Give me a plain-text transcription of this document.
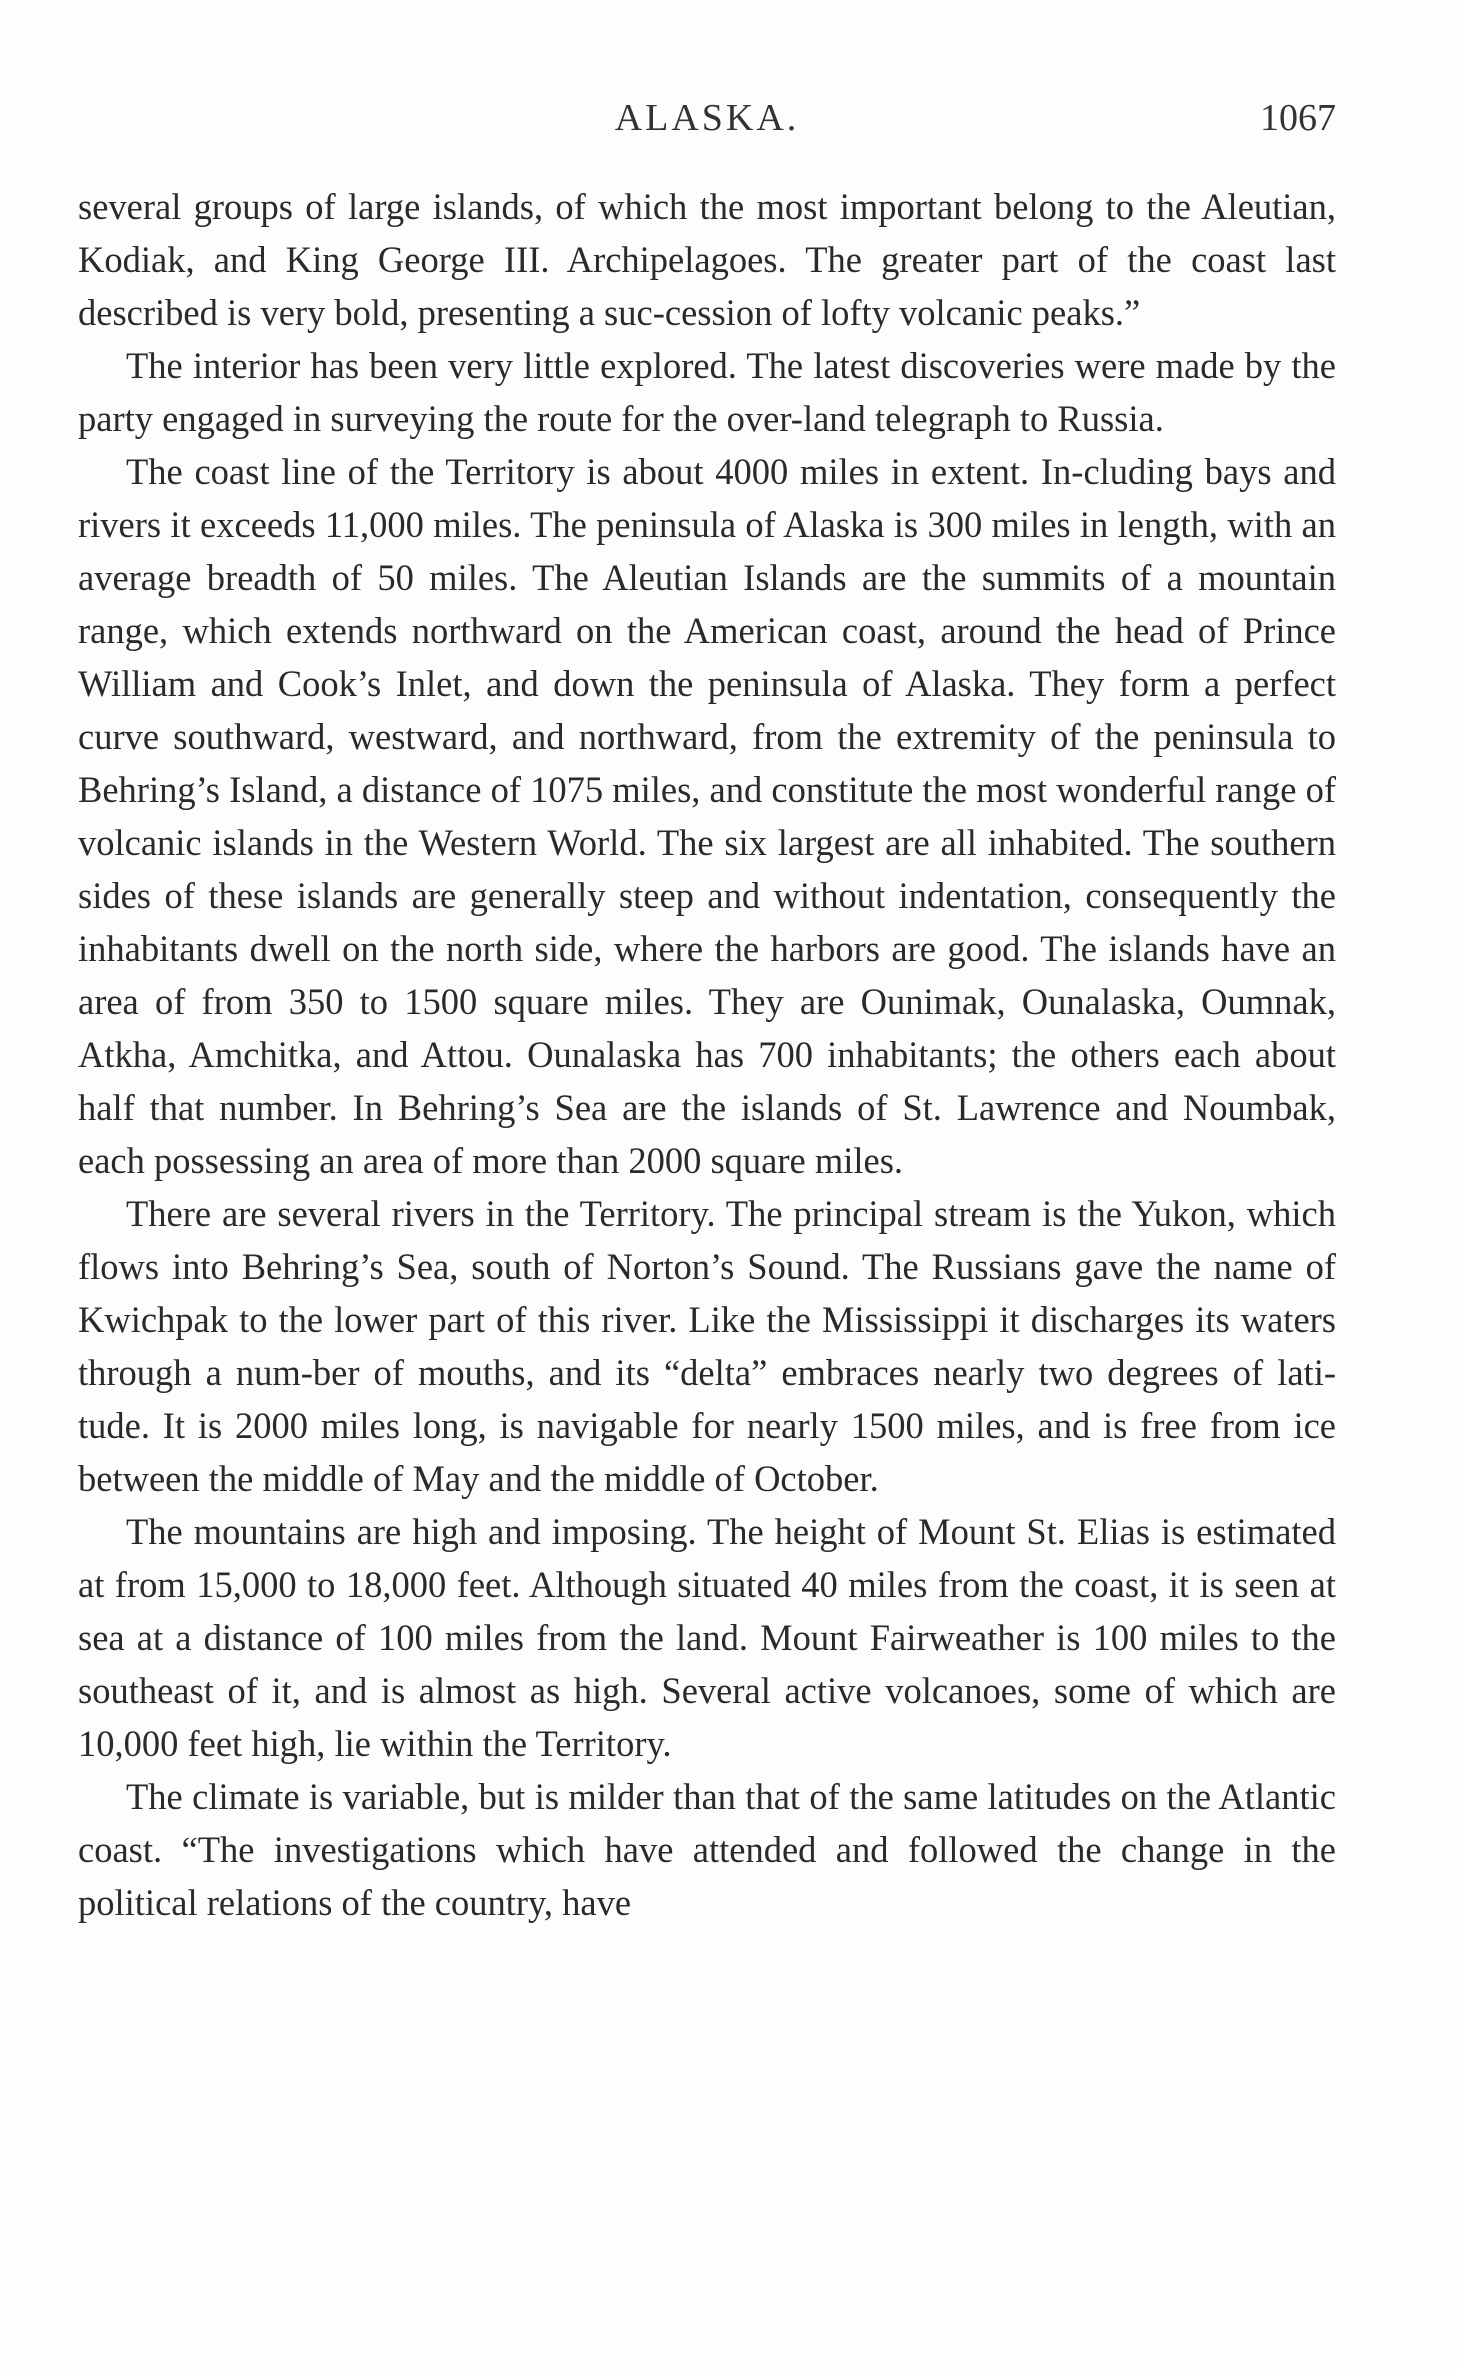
ALASKA.	1067

several groups of large islands, of which the most important belong to the Aleutian, Kodiak, and King George III. Archipelagoes. The greater part of the coast last described is very bold, presenting a suc-cession of lofty volcanic peaks.”

The interior has been very little explored. The latest discoveries were made by the party engaged in surveying the route for the over-land telegraph to Russia.

The coast line of the Territory is about 4000 miles in extent. In-cluding bays and rivers it exceeds 11,000 miles. The peninsula of Alaska is 300 miles in length, with an average breadth of 50 miles. The Aleutian Islands are the summits of a mountain range, which extends northward on the American coast, around the head of Prince William and Cook’s Inlet, and down the peninsula of Alaska. They form a perfect curve southward, westward, and northward, from the extremity of the peninsula to Behring’s Island, a distance of 1075 miles, and constitute the most wonderful range of volcanic islands in the Western World. The six largest are all inhabited. The southern sides of these islands are generally steep and without indentation, consequently the inhabitants dwell on the north side, where the harbors are good. The islands have an area of from 350 to 1500 square miles. They are Ounimak, Ounalaska, Oumnak, Atkha, Amchitka, and Attou. Ounalaska has 700 inhabitants; the others each about half that number. In Behring’s Sea are the islands of St. Lawrence and Noumbak, each possessing an area of more than 2000 square miles.

There are several rivers in the Territory. The principal stream is the Yukon, which flows into Behring’s Sea, south of Norton’s Sound. The Russians gave the name of Kwichpak to the lower part of this river. Like the Mississippi it discharges its waters through a num-ber of mouths, and its “delta” embraces nearly two degrees of lati-tude. It is 2000 miles long, is navigable for nearly 1500 miles, and is free from ice between the middle of May and the middle of October.

The mountains are high and imposing. The height of Mount St. Elias is estimated at from 15,000 to 18,000 feet. Although situated 40 miles from the coast, it is seen at sea at a distance of 100 miles from the land. Mount Fairweather is 100 miles to the southeast of it, and is almost as high. Several active volcanoes, some of which are 10,000 feet high, lie within the Territory.

The climate is variable, but is milder than that of the same latitudes on the Atlantic coast. “The investigations which have attended and followed the change in the political relations of the country, have
